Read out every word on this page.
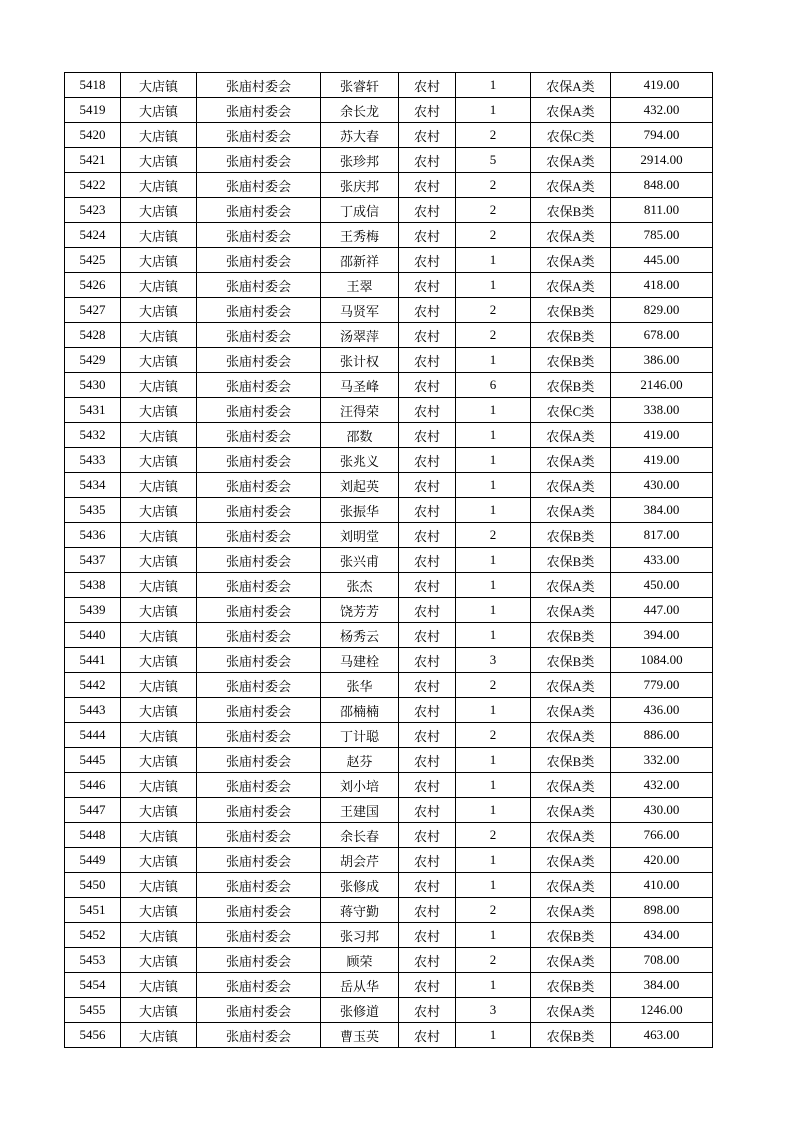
5418	大店镇	张庙村委会	张睿轩	农村	1	农保A类	419.00
5419	大店镇	张庙村委会	余长龙	农村	1	农保A类	432.00
5420	大店镇	张庙村委会	苏大春	农村	2	农保C类	794.00
5421	大店镇	张庙村委会	张珍邦	农村	5	农保A类	2914.00
5422	大店镇	张庙村委会	张庆邦	农村	2	农保A类	848.00
5423	大店镇	张庙村委会	丁成信	农村	2	农保B类	811.00
5424	大店镇	张庙村委会	王秀梅	农村	2	农保A类	785.00
5425	大店镇	张庙村委会	邵新祥	农村	1	农保A类	445.00
5426	大店镇	张庙村委会	王翠	农村	1	农保A类	418.00
5427	大店镇	张庙村委会	马贤军	农村	2	农保B类	829.00
5428	大店镇	张庙村委会	汤翠萍	农村	2	农保B类	678.00
5429	大店镇	张庙村委会	张计权	农村	1	农保B类	386.00
5430	大店镇	张庙村委会	马圣峰	农村	6	农保B类	2146.00
5431	大店镇	张庙村委会	汪得荣	农村	1	农保C类	338.00
5432	大店镇	张庙村委会	邵数	农村	1	农保A类	419.00
5433	大店镇	张庙村委会	张兆义	农村	1	农保A类	419.00
5434	大店镇	张庙村委会	刘起英	农村	1	农保A类	430.00
5435	大店镇	张庙村委会	张振华	农村	1	农保A类	384.00
5436	大店镇	张庙村委会	刘明堂	农村	2	农保B类	817.00
5437	大店镇	张庙村委会	张兴甫	农村	1	农保B类	433.00
5438	大店镇	张庙村委会	张杰	农村	1	农保A类	450.00
5439	大店镇	张庙村委会	饶芳芳	农村	1	农保A类	447.00
5440	大店镇	张庙村委会	杨秀云	农村	1	农保B类	394.00
5441	大店镇	张庙村委会	马建栓	农村	3	农保B类	1084.00
5442	大店镇	张庙村委会	张华	农村	2	农保A类	779.00
5443	大店镇	张庙村委会	邵楠楠	农村	1	农保A类	436.00
5444	大店镇	张庙村委会	丁计聪	农村	2	农保A类	886.00
5445	大店镇	张庙村委会	赵芬	农村	1	农保B类	332.00
5446	大店镇	张庙村委会	刘小培	农村	1	农保A类	432.00
5447	大店镇	张庙村委会	王建国	农村	1	农保A类	430.00
5448	大店镇	张庙村委会	余长春	农村	2	农保A类	766.00
5449	大店镇	张庙村委会	胡会芹	农村	1	农保A类	420.00
5450	大店镇	张庙村委会	张修成	农村	1	农保A类	410.00
5451	大店镇	张庙村委会	蒋守勤	农村	2	农保A类	898.00
5452	大店镇	张庙村委会	张习邦	农村	1	农保B类	434.00
5453	大店镇	张庙村委会	顾荣	农村	2	农保A类	708.00
5454	大店镇	张庙村委会	岳从华	农村	1	农保B类	384.00
5455	大店镇	张庙村委会	张修道	农村	3	农保A类	1246.00
5456	大店镇	张庙村委会	曹玉英	农村	1	农保B类	463.00
